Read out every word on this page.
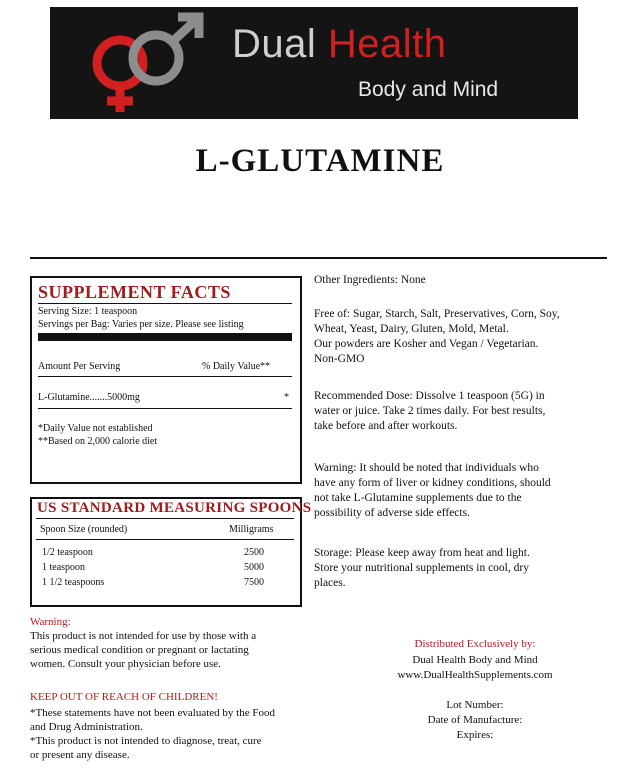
Dual Health
Body and Mind
L-GLUTAMINE
SUPPLEMENT FACTS
Serving Size: 1 teaspoon
Servings per Bag: Varies per size. Please see listing
Amount Per Serving	% Daily Value**
L-Glutamine.......5000mg	*
*Daily Value not established
**Based on 2,000 calorie diet
US STANDARD MEASURING SPOONS
Spoon Size (rounded)	Milligrams
1/2 teaspoon	2500
1 teaspoon	5000
1 1/2 teaspoons	7500
Warning:
This product is not intended for use by those with a
serious medical condition or pregnant or lactating
women. Consult your physician before use.
KEEP OUT OF REACH OF CHILDREN!
*These statements have not been evaluated by the Food
and Drug Administration.
*This product is not intended to diagnose, treat, cure
or present any disease.
Other Ingredients: None
Free of: Sugar, Starch, Salt, Preservatives, Corn, Soy,
Wheat, Yeast, Dairy, Gluten, Mold, Metal.
Our powders are Kosher and Vegan / Vegetarian.
Non-GMO
Recommended Dose: Dissolve 1 teaspoon (5G) in
water or juice. Take 2 times daily. For best results,
take before and after workouts.
Warning: It should be noted that individuals who
have any form of liver or kidney conditions, should
not take L-Glutamine supplements due to the
possibility of adverse side effects.
Storage: Please keep away from heat and light.
Store your nutritional supplements in cool, dry
places.
Distributed Exclusively by:
Dual Health Body and Mind
www.DualHealthSupplements.com
Lot Number:
Date of Manufacture:
Expires:
